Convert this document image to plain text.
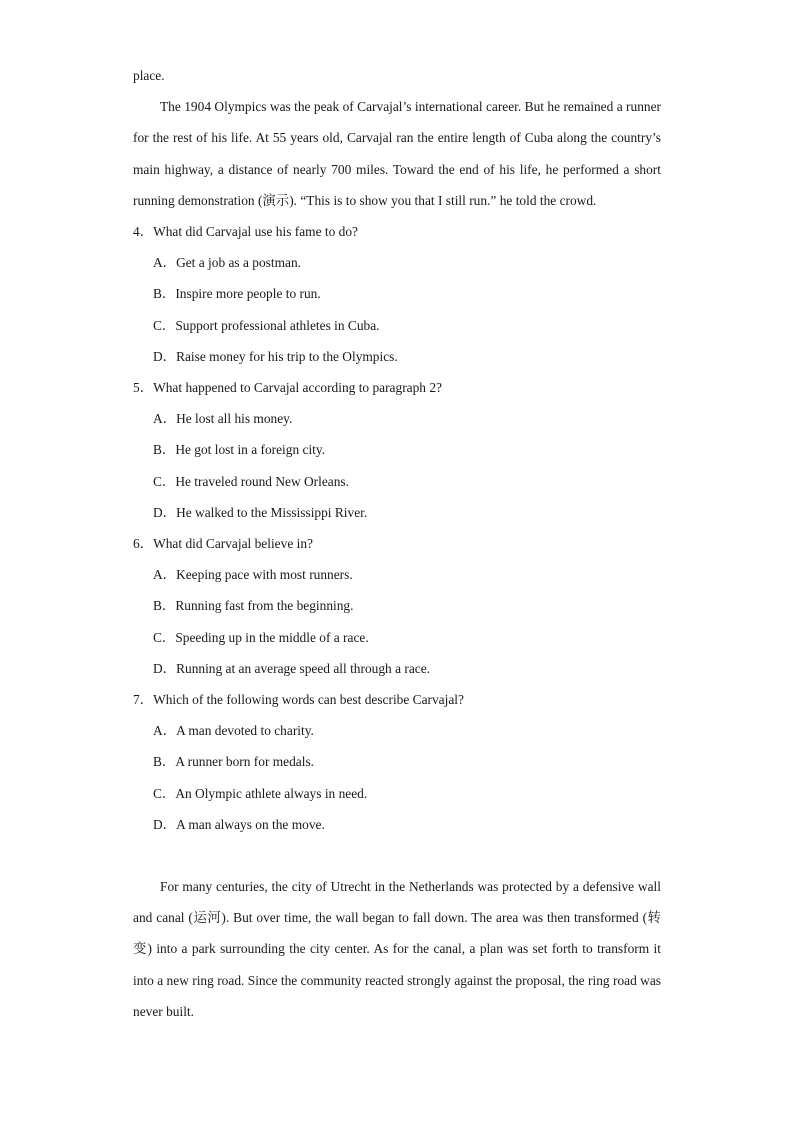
place.

The 1904 Olympics was the peak of Carvajal’s international career. But he remained a runner for the rest of his life. At 55 years old, Carvajal ran the entire length of Cuba along the country’s main highway, a distance of nearly 700 miles. Toward the end of his life, he performed a short running demonstration (演示). “This is to show you that I still run.” he told the crowd.

4．What did Carvajal use his fame to do?
A．Get a job as a postman.
B．Inspire more people to run.
C．Support professional athletes in Cuba.
D．Raise money for his trip to the Olympics.
5．What happened to Carvajal according to paragraph 2?
A．He lost all his money.
B．He got lost in a foreign city.
C．He traveled round New Orleans.
D．He walked to the Mississippi River.
6．What did Carvajal believe in?
A．Keeping pace with most runners.
B．Running fast from the beginning.
C．Speeding up in the middle of a race.
D．Running at an average speed all through a race.
7．Which of the following words can best describe Carvajal?
A．A man devoted to charity.
B．A runner born for medals.
C．An Olympic athlete always in need.
D．A man always on the move.

For many centuries, the city of Utrecht in the Netherlands was protected by a defensive wall and canal (运河). But over time, the wall began to fall down. The area was then transformed (转变) into a park surrounding the city center. As for the canal, a plan was set forth to transform it into a new ring road. Since the community reacted strongly against the proposal, the ring road was never built.
